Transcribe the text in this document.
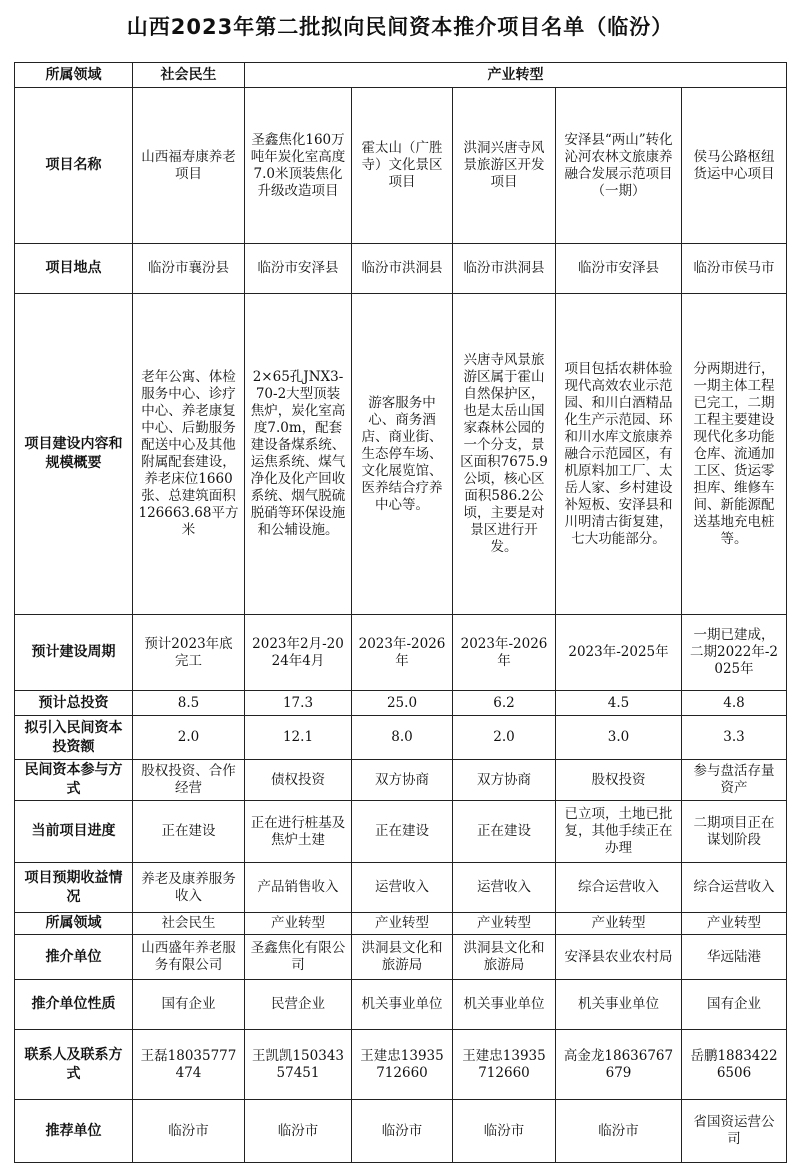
山西2023年第二批拟向民间资本推介项目名单（临汾）
所属领域	社会民生	产业转型				
项目名称	山西福寿康养老项目	圣鑫焦化160万吨年炭化室高度7.0米顶装焦化升级改造项目	霍太山（广胜寺）文化景区项目	洪洞兴唐寺风景旅游区开发项目	安泽县“两山”转化沁河农林文旅康养融合发展示范项目（一期）	侯马公路枢纽货运中心项目
项目地点	临汾市襄汾县	临汾市安泽县	临汾市洪洞县	临汾市洪洞县	临汾市安泽县	临汾市侯马市
项目建设内容和规模概要	老年公寓、体检服务中心、诊疗中心、养老康复中心、后勤服务配送中心及其他附属配套建设，养老床位1660张、总建筑面积126663.68平方米	2×65孔JNX3-70-2大型顶装焦炉，炭化室高度7.0m，配套建设备煤系统、运焦系统、煤气净化及化产回收系统、烟气脱硫脱硝等环保设施和公辅设施。	游客服务中心、商务酒店、商业街、生态停车场、文化展览馆、医养结合疗养中心等。	兴唐寺风景旅游区属于霍山自然保护区，也是太岳山国家森林公园的一个分支，景区面积7675.9公顷，核心区面积586.2公顷，主要是对景区进行开发。	项目包括农耕体验现代高效农业示范园、和川白酒精品化生产示范园、环和川水库文旅康养融合示范园区，有机原料加工厂、太岳人家、乡村建设补短板、安泽县和川明清古街复建，七大功能部分。	分两期进行，一期主体工程已完工，二期工程主要建设现代化多功能仓库、流通加工区、货运零担库、维修车间、新能源配送基地充电桩等。
预计建设周期	预计2023年底完工	2023年2月-2024年4月	2023年-2026年	2023年-2026年	2023年-2025年	一期已建成，二期2022年-2025年
预计总投资	8.5	17.3	25.0	6.2	4.5	4.8
拟引入民间资本投资额	2.0	12.1	8.0	2.0	3.0	3.3
民间资本参与方式	股权投资、合作经营	债权投资	双方协商	双方协商	股权投资	参与盘活存量资产
当前项目进度	正在建设	正在进行桩基及焦炉土建	正在建设	正在建设	已立项，土地已批复，其他手续正在办理	二期项目正在谋划阶段
项目预期收益情况	养老及康养服务收入	产品销售收入	运营收入	运营收入	综合运营收入	综合运营收入
所属领域	社会民生	产业转型	产业转型	产业转型	产业转型	产业转型
推介单位	山西盛年养老服务有限公司	圣鑫焦化有限公司	洪洞县文化和旅游局	洪洞县文化和旅游局	安泽县农业农村局	华远陆港
推介单位性质	国有企业	民营企业	机关事业单位	机关事业单位	机关事业单位	国有企业
联系人及联系方式	王磊18035777474	王凯凯15034357451	王建忠13935712660	王建忠13935712660	高金龙18636767679	岳鹏18834226506
推荐单位	临汾市	临汾市	临汾市	临汾市	临汾市	省国资运营公司
